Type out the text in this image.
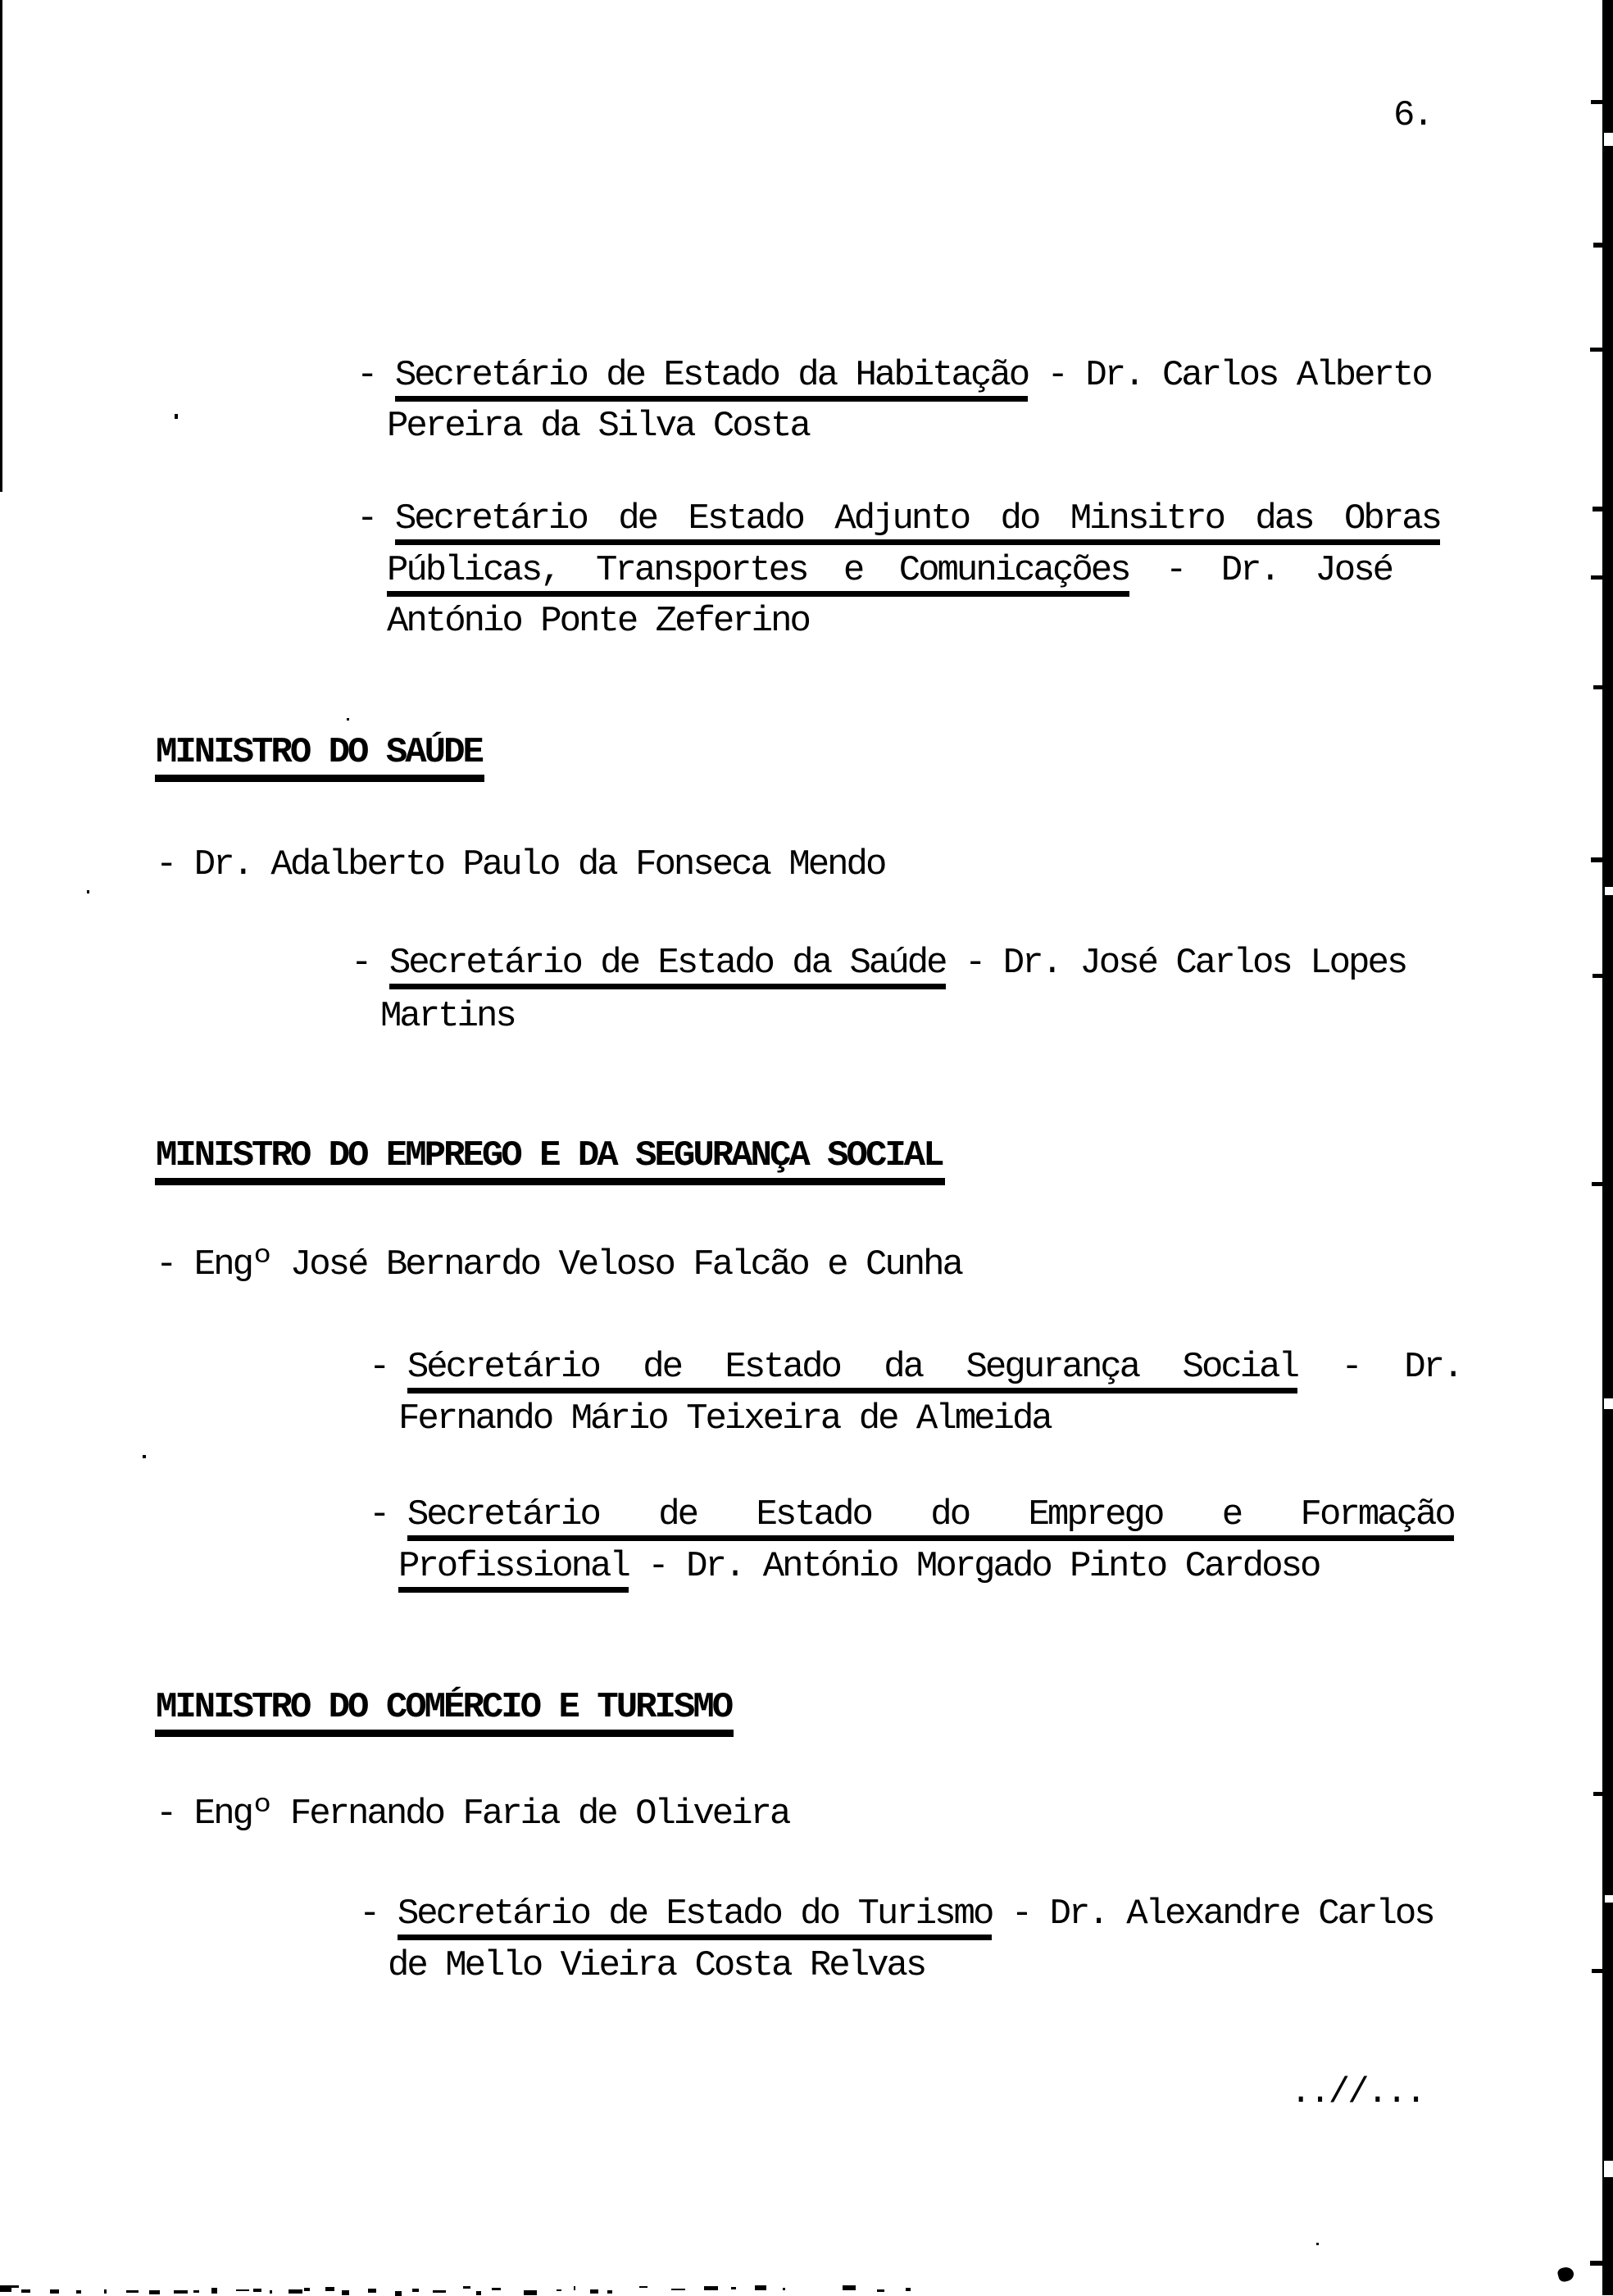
6.
- Secretário de Estado da Habitação - Dr. Carlos Alberto
Pereira da Silva Costa
- Secretário de Estado Adjunto do Minsitro das Obras
Públicas, Transportes e Comunicações - Dr. José
António Ponte Zeferino
MINISTRO DO SAÚDE
- Dr. Adalberto Paulo da Fonseca Mendo
- Secretário de Estado da Saúde - Dr. José Carlos Lopes
Martins
MINISTRO DO EMPREGO E DA SEGURANÇA SOCIAL
- Engº José Bernardo Veloso Falcão e Cunha
- Sécretário de Estado da Segurança Social - Dr.
Fernando Mário Teixeira de Almeida
- Secretário de Estado do Emprego e Formação
Profissional - Dr. António Morgado Pinto Cardoso
MINISTRO DO COMÉRCIO E TURISMO
- Engº Fernando Faria de Oliveira
- Secretário de Estado do Turismo - Dr. Alexandre Carlos
de Mello Vieira Costa Relvas
..//...
